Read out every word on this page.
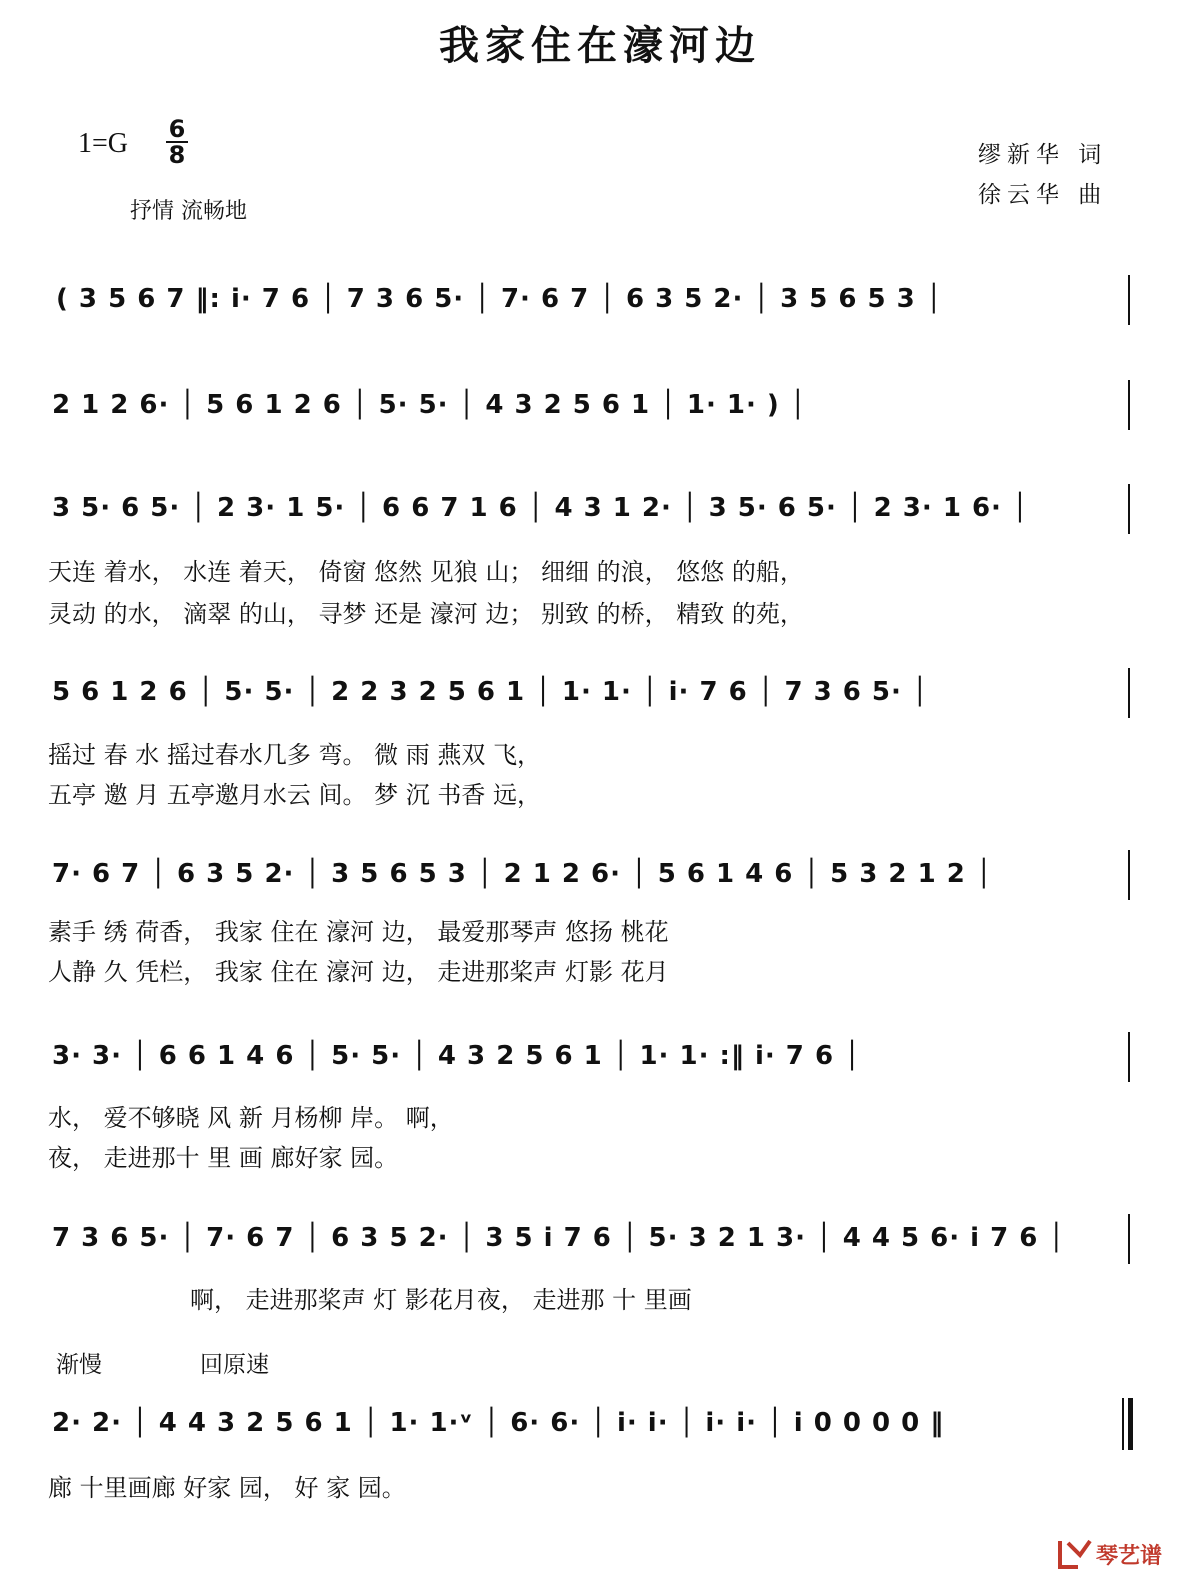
我家住在濠河边
1=G 6
8
抒情 流畅地
缪新华 词
徐云华 曲
( 3 5 6 7 ‖: i· 7 6 │ 7 3 6 5· │ 7· 6 7 │ 6 3 5 2· │ 3 5 6 5 3 │
2 1 2 6· │ 5 6 1 2 6 │ 5· 5· │ 4 3 2 5 6 1 │ 1· 1· ) │
3 5· 6 5· │ 2 3· 1 5· │ 6 6 7 1 6 │ 4 3 1 2· │ 3 5· 6 5· │ 2 3· 1 6· │
天连 着水， 水连 着天， 倚窗 悠然 见狼 山； 细细 的浪， 悠悠 的船，
灵动 的水， 滴翠 的山， 寻梦 还是 濠河 边； 别致 的桥， 精致 的苑，
5 6 1 2 6 │ 5· 5· │ 2 2 3 2 5 6 1 │ 1· 1· │ i· 7 6 │ 7 3 6 5· │
摇过 春 水 摇过春水几多 弯。 微 雨 燕双 飞，
五亭 邀 月 五亭邀月水云 间。 梦 沉 书香 远，
7· 6 7 │ 6 3 5 2· │ 3 5 6 5 3 │ 2 1 2 6· │ 5 6 1 4 6 │ 5 3 2 1 2 │
素手 绣 荷香， 我家 住在 濠河 边， 最爱那琴声 悠扬 桃花
人静 久 凭栏， 我家 住在 濠河 边， 走进那桨声 灯影 花月
3· 3· │ 6 6 1 4 6 │ 5· 5· │ 4 3 2 5 6 1 │ 1· 1· :‖ i· 7 6 │
水， 爱不够晓 风 新 月杨柳 岸。 啊，
夜， 走进那十 里 画 廊好家 园。
7 3 6 5· │ 7· 6 7 │ 6 3 5 2· │ 3 5 i 7 6 │ 5· 3 2 1 3· │ 4 4 5 6· i 7 6 │
啊， 走进那桨声 灯 影花月夜， 走进那 十 里画
渐慢	回原速
2· 2· │ 4 4 3 2 5 6 1 │ 1· 1·ᵛ │ 6· 6· │ i· i· │ i· i· │ i 0 0 0 0 ‖
廊 十里画廊 好家 园， 好 家 园。
琴艺谱
